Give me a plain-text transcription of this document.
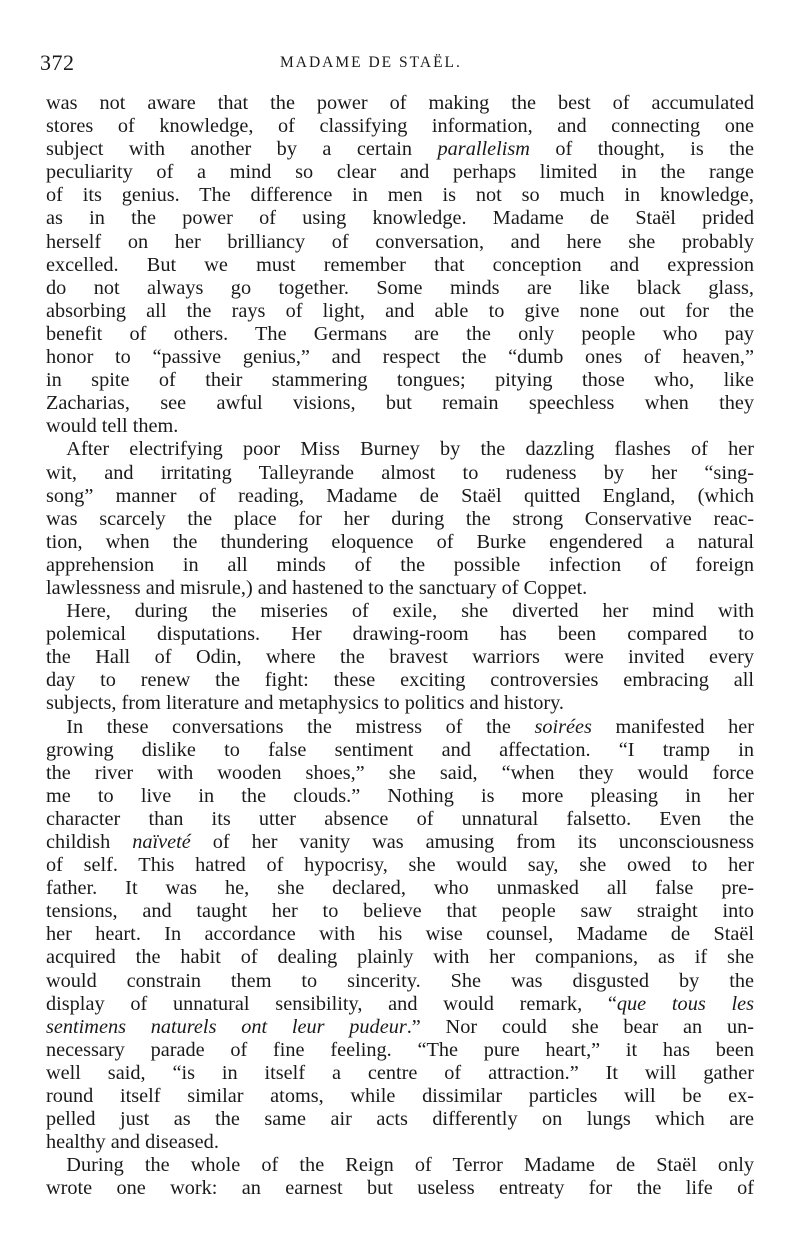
372	MADAME DE STAËL.
was not aware that the power of making the best of accumulated
stores of knowledge, of classifying information, and connecting one
subject with another by a certain parallelism of thought, is the
peculiarity of a mind so clear and perhaps limited in the range
of its genius. The difference in men is not so much in knowledge,
as in the power of using knowledge. Madame de Staël prided
herself on her brilliancy of conversation, and here she probably
excelled. But we must remember that conception and expression
do not always go together. Some minds are like black glass,
absorbing all the rays of light, and able to give none out for the
benefit of others. The Germans are the only people who pay
honor to “passive genius,” and respect the “dumb ones of heaven,”
in spite of their stammering tongues; pitying those who, like
Zacharias, see awful visions, but remain speechless when they
would tell them.
After electrifying poor Miss Burney by the dazzling flashes of her
wit, and irritating Talleyrande almost to rudeness by her “sing-
song” manner of reading, Madame de Staël quitted England, (which
was scarcely the place for her during the strong Conservative reac-
tion, when the thundering eloquence of Burke engendered a natural
apprehension in all minds of the possible infection of foreign
lawlessness and misrule,) and hastened to the sanctuary of Coppet.
Here, during the miseries of exile, she diverted her mind with
polemical disputations. Her drawing-room has been compared to
the Hall of Odin, where the bravest warriors were invited every
day to renew the fight: these exciting controversies embracing all
subjects, from literature and metaphysics to politics and history.
In these conversations the mistress of the soirées manifested her
growing dislike to false sentiment and affectation. “I tramp in
the river with wooden shoes,” she said, “when they would force
me to live in the clouds.” Nothing is more pleasing in her
character than its utter absence of unnatural falsetto. Even the
childish naïveté of her vanity was amusing from its unconsciousness
of self. This hatred of hypocrisy, she would say, she owed to her
father. It was he, she declared, who unmasked all false pre-
tensions, and taught her to believe that people saw straight into
her heart. In accordance with his wise counsel, Madame de Staël
acquired the habit of dealing plainly with her companions, as if she
would constrain them to sincerity. She was disgusted by the
display of unnatural sensibility, and would remark, “que tous les
sentimens naturels ont leur pudeur.” Nor could she bear an un-
necessary parade of fine feeling. “The pure heart,” it has been
well said, “is in itself a centre of attraction.” It will gather
round itself similar atoms, while dissimilar particles will be ex-
pelled just as the same air acts differently on lungs which are
healthy and diseased.
During the whole of the Reign of Terror Madame de Staël only
wrote one work: an earnest but useless entreaty for the life of
